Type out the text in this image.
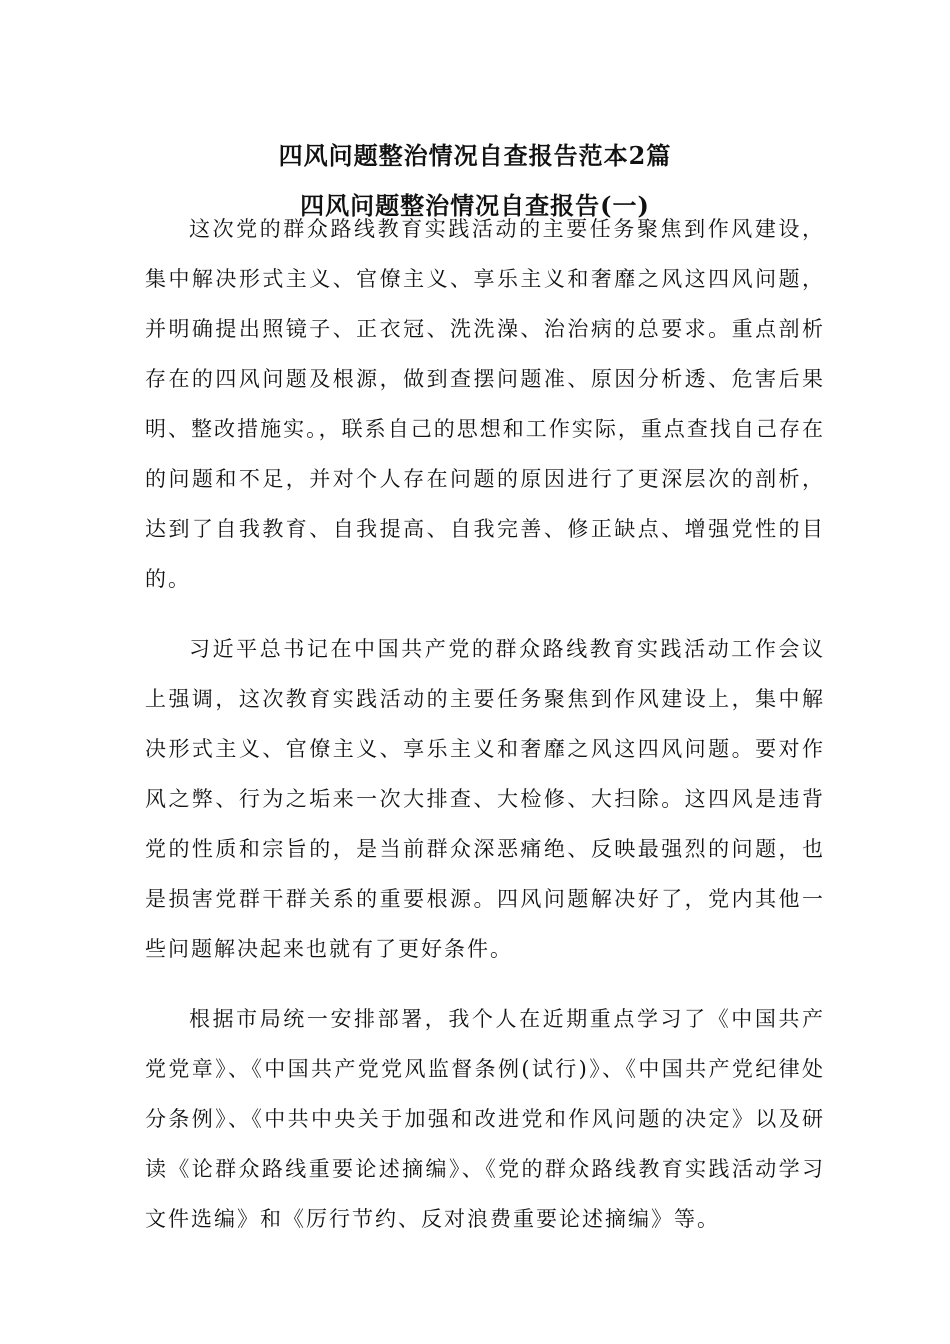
四风问题整治情况自查报告范本2篇
四风问题整治情况自查报告(一)

这次党的群众路线教育实践活动的主要任务聚焦到作风建设，集中解决形式主义、官僚主义、享乐主义和奢靡之风这四风问题，并明确提出照镜子、正衣冠、洗洗澡、治治病的总要求。重点剖析存在的四风问题及根源，做到查摆问题准、原因分析透、危害后果明、整改措施实。，联系自己的思想和工作实际，重点查找自己存在的问题和不足，并对个人存在问题的原因进行了更深层次的剖析，达到了自我教育、自我提高、自我完善、修正缺点、增强党性的目的。

习近平总书记在中国共产党的群众路线教育实践活动工作会议上强调，这次教育实践活动的主要任务聚焦到作风建设上，集中解决形式主义、官僚主义、享乐主义和奢靡之风这四风问题。要对作风之弊、行为之垢来一次大排查、大检修、大扫除。这四风是违背党的性质和宗旨的，是当前群众深恶痛绝、反映最强烈的问题，也是损害党群干群关系的重要根源。四风问题解决好了，党内其他一些问题解决起来也就有了更好条件。

根据市局统一安排部署，我个人在近期重点学习了《中国共产党党章》、《中国共产党党风监督条例(试行)》、《中国共产党纪律处分条例》、《中共中央关于加强和改进党和作风问题的决定》以及研读《论群众路线重要论述摘编》、《党的群众路线教育实践活动学习文件选编》和《厉行节约、反对浪费重要论述摘编》等。
